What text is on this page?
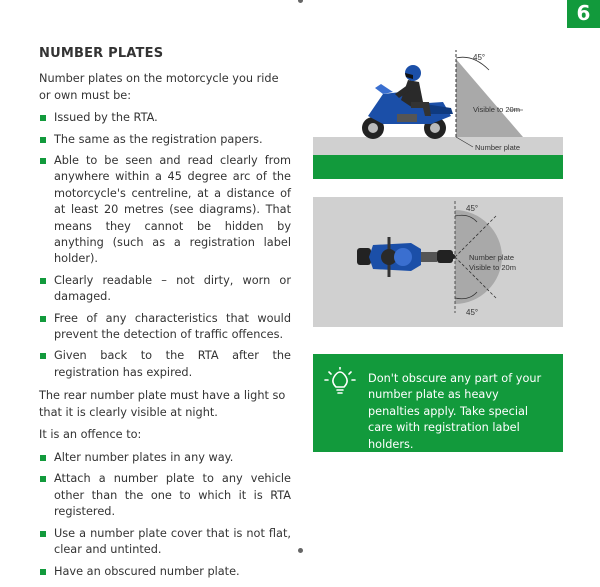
6
NUMBER PLATES

Number plates on the motorcycle you ride or own must be:

Issued by the RTA.
The same as the registration papers.
Able to be seen and read clearly from anywhere within a 45 degree arc of the motorcycle's centreline, at a distance of at least 20 metres (see diagrams). That means they cannot be hidden by anything (such as a registration label holder).
Clearly readable – not dirty, worn or damaged.
Free of any characteristics that would prevent the detection of traffic offences.
Given back to the RTA after the registration has expired.

The rear number plate must have a light so that it is clearly visible at night.

It is an offence to:

Alter number plates in any way.
Attach a number plate to any vehicle other than the one to which it is RTA registered.
Use a number plate cover that is not flat, clear and untinted.
Have an obscured number plate.
45°
Visible to 20m
Number plate
45°
45°
Number plate
Visible to 20m
Don't obscure any part of your number plate as heavy penalties apply. Take special care with registration label holders.
